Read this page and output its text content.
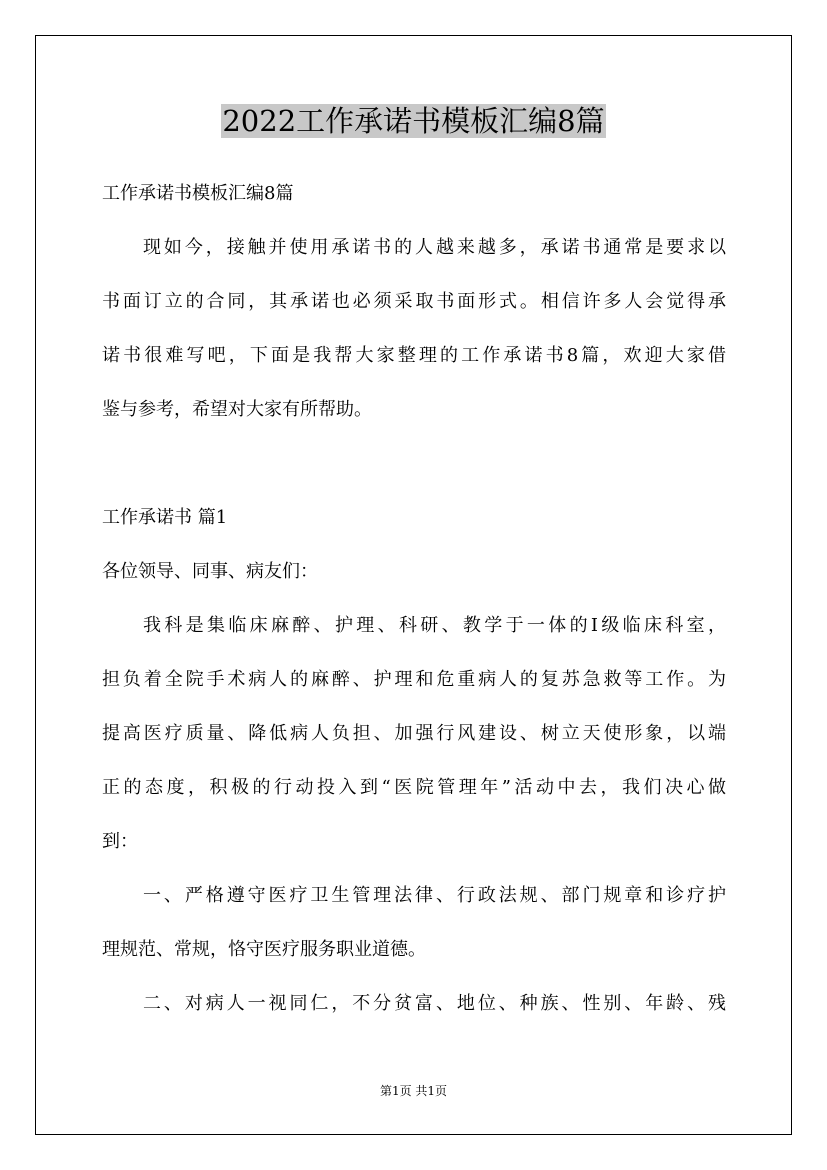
2022工作承诺书模板汇编8篇
工作承诺书模板汇编8篇
现如今，接触并使用承诺书的人越来越多，承诺书通常是要求以
书面订立的合同，其承诺也必须采取书面形式。相信许多人会觉得承
诺书很难写吧，下面是我帮大家整理的工作承诺书8篇，欢迎大家借
鉴与参考，希望对大家有所帮助。
工作承诺书 篇1
各位领导、同事、病友们：
我科是集临床麻醉、护理、科研、教学于一体的Ⅰ级临床科室，
担负着全院手术病人的麻醉、护理和危重病人的复苏急救等工作。为
提高医疗质量、降低病人负担、加强行风建设、树立天使形象，以端
正的态度，积极的行动投入到“医院管理年”活动中去，我们决心做
到：
一、严格遵守医疗卫生管理法律、行政法规、部门规章和诊疗护
理规范、常规，恪守医疗服务职业道德。
二、对病人一视同仁，不分贫富、地位、种族、性别、年龄、残
第1页 共1页
